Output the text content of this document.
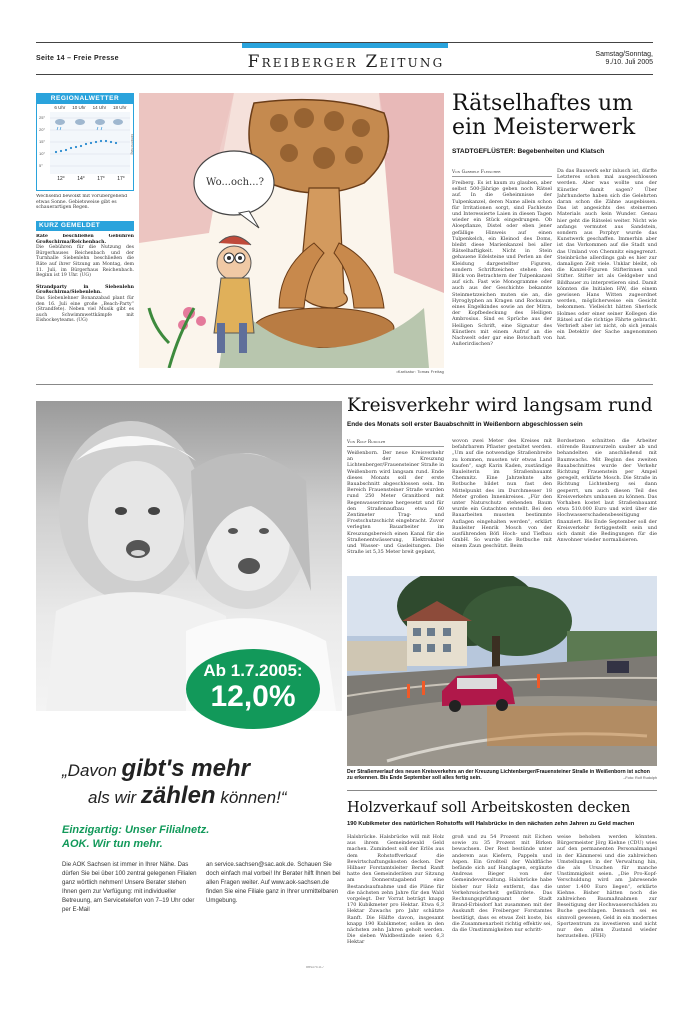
Seite 14 – Freie Presse	Freiberger Zeitung	Samstag/Sonntag,
9./10. Juli 2005
REGIONALWETTER
6 Uhr 10 Uhr 14 Uhr 18 Uhr
25°
20°
15°
10°
5°
12° 14° 17° 17°
Niederschlag
Wechselnd bewölkt mit vorübergehend etwas Sonne. Gebietsweise gibt es schauerartigen Regen.
KURZ GEMELDET
Räte beschließen Gebühren Großschirma/Reichenbach.
Die Gebühren für die Nutzung des Bürgerhauses Reichenbach und der Turnhalle Siebenlehn beschließen die Räte auf ihrer Sitzung am Montag, dem 11. Juli, im Bürgerhaus Reichenbach. Beginn ist 19 Uhr. (UG)
Strandparty in Siebenlehn Großschirma/Siebenlehn.
Das Siebenlehner Bonanzabad plant für den 16. Juli eine große „Beach-Party“ (Strandfete). Neben viel Musik gibt es auch Schwimmwettkämpfe mit Eishockeyteams. (UG)
Wo...och...?
•Karikatur: Tomas Freitag
Rätselhaftes um
ein Meisterwerk
STADTGEFLÜSTER: Begebenheiten und Klatsch
Von Gabriele Fleischer
Freiberg. Es ist kaum zu glauben, aber selbst 500-Jährige geben noch Rätsel auf. In die Geheimnisse der Tulpenkanzel, deren Name allein schon für Irritationen sorgt, sind Fachleute und Interessierte Laien in diesen Tagen wieder ein Stück eingedrungen. Ob Aloepflanze, Distel oder eben jener gefällige Hinweis auf einen Tulpenkelch, ein Kleinod des Doms, bleibt diese Marienkanzel bei aller Rätselhaftigkeit. Nicht in Stein gehauene Edelsteine und Perlen an der Kleidung dargestellter Figuren, sondern Schriftzeichen stehen den Blick von Betrachtern der Tulpenkanzel auf sich. Fast wie Monogramme oder auch aus der Geschichte bekannte Steinmetzzeichen muten sie an, die Hyroglyphen an Kragen und Rocksaum eines Engelkindes sowie an der Mitra, der Kopfbedeckung des Heiligen Ambrosius. Sind es Sprüche aus der Heiligen Schrift, eine Signatur des Künstlers mit einem Aufruf an die Nachwelt oder gar eine Botschaft von Außerirdischen?
Da das Bauwerk sehr inlusch ist, dürfte Letzteres schon mal ausgeschlossen werden. Aber was wollte uns der Künstler damit sagen? Über Jahrhunderte haben sich die Gelehrten daran schon die Zähne ausgebissen. Das ist angesichts des steinernen Materials auch kein Wunder. Genau hier geht die Rätselei weiter. Nicht wie anfangs vermutet aus Sandstein, sondern aus Porphyr wurde das Kunstwerk geschaffen. Immerhin aber ist das Vorkommen auf die Stadt und das Umland von Chemnitz eingegrenzt. Steinbrüche allerdings gab es hier zur damaligen Zeit viele. Unklar bleibt, ob die Kanzel-Figuren Stifterinnen und Stifter. Stifter ist als Geldgeber und Bildhauer zu interpretieren sind. Damit könnten die Initialen HW, die einem gewissen Hans Witten zugeordnet werden, möglicherweise ein Gesicht bekommen. Vielleicht hätten Sherlock Holmes oder einer seiner Kollegen die Rätsel auf die richtige Fährte gebracht. Verbrieft aber ist nicht, ob sich jemals ein Detektiv der Sache angenommen hat.
Ab 1.7.2005:
12,0%
„Davon gibt's mehr
als wir zählen können!“
Einzigartig: Unser Filialnetz.
AOK. Wir tun mehr.
Die AOK Sachsen ist immer in Ihrer Nähe. Das dürfen Sie bei über 100 zentral gelegenen Filialen ganz wörtlich nehmen! Unsere Berater stehen Ihnen gern zur Verfügung: mit individueller Betreuung, am Servicetelefon von 7–19 Uhr oder per E-Mail
an service.sachsen@sac.aok.de. Schauen Sie doch einfach mal vorbei! Ihr Berater hilft Ihnen bei allen Fragen weiter. Auf www.aok-sachsen.de finden Sie eine Filiale ganz in Ihrer unmittelbaren Umgebung.
RBSA70-11-/
Kreisverkehr wird langsam rund
Ende des Monats soll erster Bauabschnitt in Weißenborn abgeschlossen sein
Von Rolf Rudolph
Weißenborn. Der neue Kreisverkehr an der Kreuzung Lichtenberger/Frauensteiner Straße in Weißenborn wird langsam rund. Ende dieses Monats soll der erste Bauabschnitt abgeschlossen sein. Im Bereich Frauensteiner Straße wurden rund 250 Meter Granitbord mit Regenwasserrinne hergesetzt und für den Straßenaufbau etwa 60 Zentimeter Trag- und Frostschutzschicht eingebracht. Zuvor verlegten Bauarbeiter im Kreuzungsbereich einen Kanal für die Straßenentwässerung, Elektrokabel und Wasser- und Gasleitungen. Die Straße ist 5,35 Meter breit geplant,
wovon zwei Meter des Kreises mit befahrbarem Pflaster gestaltet werden. „Um auf die notwendige Straßenbreite zu kommen, mussten wir etwas Land kaufen“, sagt Karin Kaden, zuständige Bauleiterin im Straßenbauamt Chemnitz. Eine Jahrzehnte alte Rotbuche bildet nun fast den Mittelpunkt des im Durchmesser 18 Meter großen Innenkreises. „Für den unter Naturschutz stehenden Baum wurde ein Gutachten erstellt. Bei den Bauarbeiten mussten bestimmte Auflagen eingehalten werden“, erklärt Bauleiter Henrik Mosch von der ausführenden Böfi Hoch- und Tiefbau GmbH. So wurde die Rotbuche mit einem Zaun geschützt. Beim
Bordsetzen schnitten die Arbeiter störende Baumwurzeln sauber ab und behandelten sie anschließend mit Baumwachs. Mit Beginn des zweiten Bauabschnittes wurde der Verkehr Richtung Frauenstein per Ampel geregelt, erklärte Mosch. Die Straße in Richtung Lichtenberg sei dann gesperrt, um auch diesen Teil des Kreisverkehrs umbauen zu können. Das Vorhaben kostet laut Straßenbauamt etwa 510.000 Euro und wird über die Hochwasserschadensbeseitigung finanziert. Bis Ende September soll der Kreisverkehr fertiggestellt sein und sich damit die Bedingungen für die Anwohner wieder normalisieren.
Der Straßenverlauf des neuen Kreisverkehrs an der Kreuzung Lichtenberger/Frauensteiner Straße in Weißenborn ist schon zu erkennen. Bis Ende September soll alles fertig sein.	–Foto: Rolf Rudolph
Holzverkauf soll Arbeitskosten decken
190 Kubikmeter des natürlichen Rohstoffs will Halsbrücke in den nächsten zehn Jahren zu Geld machen
Halsbrücke. Halsbrücke will mit Holz aus ihrem Gemeindewald Geld machen. Zumindest soll der Erlös aus dem Rohstoffverkauf die Bewirtschaftungskosten decken. Der Hilbaer Forstamtsleiter Bernd Ranft hatte den Gemeinderäten zur Sitzung am Donnerstagabend eine Bestandsaufnahme und die Pläne für die nächsten zehn Jahre für den Wald vorgelegt. Der Vorrat beträgt knapp 170 Kubikmeter pro Hektar. Etwa 6,3 Hektar Zuwachs pro Jahr schätzte Ranft. Die Hälfte davon, insgesamt knapp 190 Kubikmeter, sollen in den nächsten zehn Jahren geholt werden. Die sieben Waldbestände seien 6,3 Hektar
groß und zu 54 Prozent mit Eichen sowie zu 35 Prozent mit Birken bewachsen. Der Rest bestünde unter anderem aus Kiefern, Pappeln und Aspen. Ein Großteil der Waldfläche befände sich auf Hanglagen, ergänzte Andreas Bieger von der Gemeindeverwaltung. Halsbrücke habe bisher nur Holz entfernt, das die Verkehrssicherheit gefährdete. Das Rechnungsprüfungsamt der Stadt Brand-Erbisdorf hat zusammen mit der Auskunft des Freiberger Forstamtes bestätigt, dass es etwas Zeit koste, bis die Zusammenarbeit richtig effektiv sei, da die Umstimmigkeiten nur schritt-
weise behoben werden könnten. Bürgermeister Jörg Kiehne (CDU) wies auf den permanenten Personalmangel in der Kämmerei und die zahlreichen Umstellungen in der Verwaltung hin, die als Ursachen für manche Unstimmigkeit seien. „Die Pro-Kopf-Verschuldung wird am Jahresende unter 1.400 Euro liegen“, erklärte Kiehne. Bisher hätten noch die zahlreichen Baumaßnahmen zur Beseitigung der Hochwasserschäden zu Buche geschlagen. Dennoch sei es sinnvoll gewesen, Geld in ein modernes Sportzentrum zu investieren und nicht nur den alten Zustand wieder herzustellen. (FEH)
